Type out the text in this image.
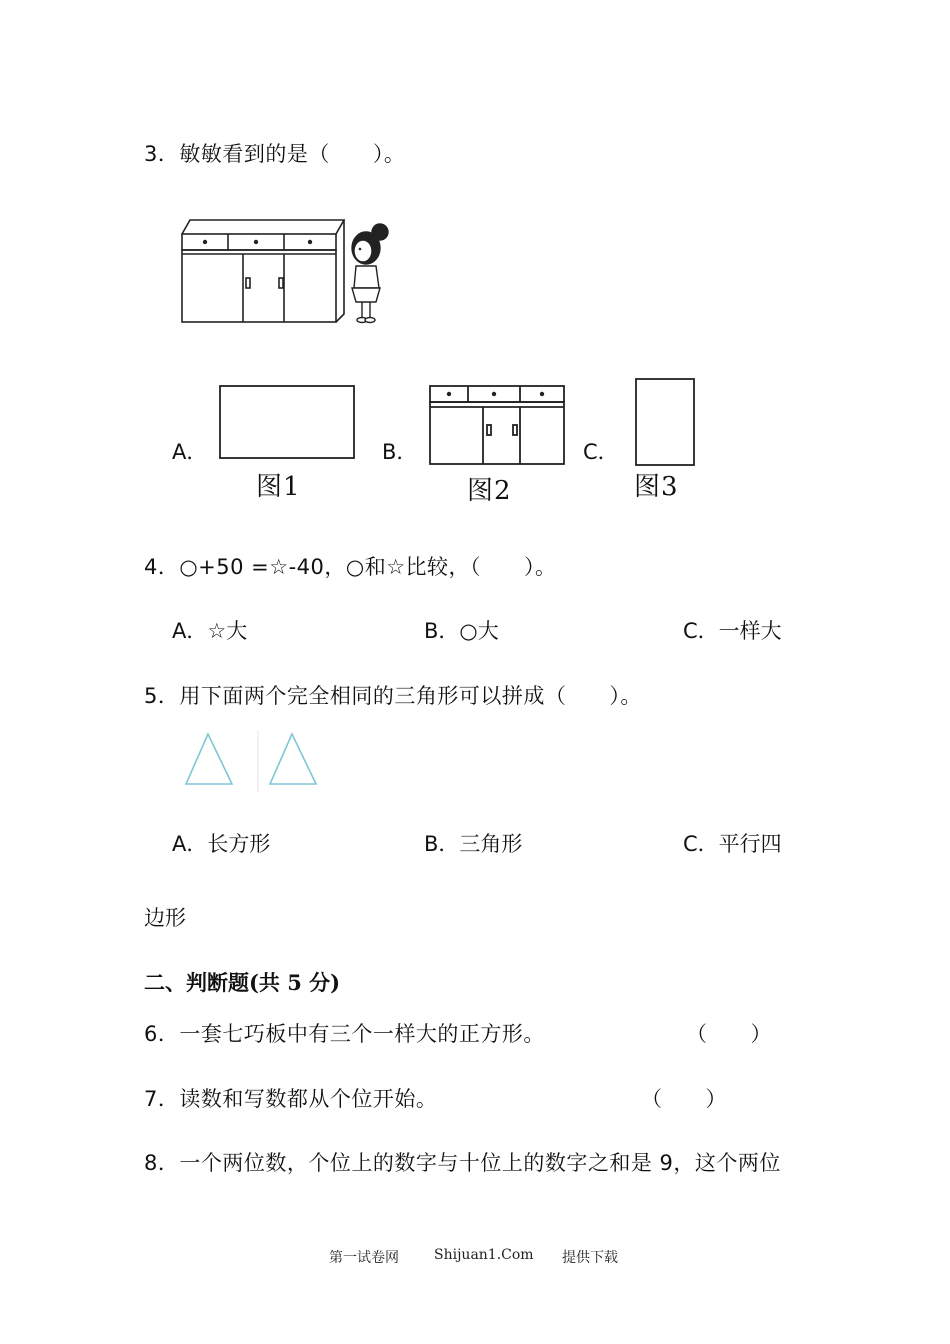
3．敏敏看到的是（　　）。
A．
图1
B．
图2
C．
图3
4．○+50 =☆-40，○和☆比较，（　　）。
A．☆大	B．○大	C．一样大
5．用下面两个完全相同的三角形可以拼成（　　）。
A．长方形	B．三角形	C．平行四
边形
二、判断题(共 5 分)
6．一套七巧板中有三个一样大的正方形。	（　　）
7．读数和写数都从个位开始。	（　　）
8．一个两位数，个位上的数字与十位上的数字之和是 9，这个两位
第一试卷网	Shijuan1.Com 提供下载
